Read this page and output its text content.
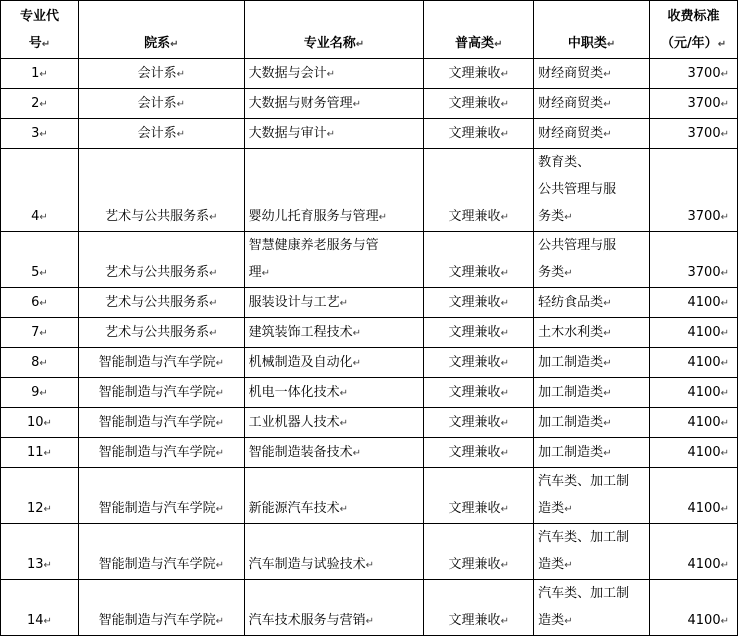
专业代
号↵	院系↵	专业名称↵	普高类↵	中职类↵	收费标准
（元/年）↵

1↵	会计系↵	大数据与会计↵	文理兼收↵	财经商贸类↵	3700↵
2↵	会计系↵	大数据与财务管理↵	文理兼收↵	财经商贸类↵	3700↵
3↵	会计系↵	大数据与审计↵	文理兼收↵	财经商贸类↵	3700↵
4↵	艺术与公共服务系↵	婴幼儿托育服务与管理↵	文理兼收↵	教育类、
公共管理与服
务类↵	3700↵
5↵	艺术与公共服务系↵	智慧健康养老服务与管
理↵	文理兼收↵	公共管理与服
务类↵	3700↵
6↵	艺术与公共服务系↵	服装设计与工艺↵	文理兼收↵	轻纺食品类↵	4100↵
7↵	艺术与公共服务系↵	建筑装饰工程技术↵	文理兼收↵	土木水利类↵	4100↵
8↵	智能制造与汽车学院↵	机械制造及自动化↵	文理兼收↵	加工制造类↵	4100↵
9↵	智能制造与汽车学院↵	机电一体化技术↵	文理兼收↵	加工制造类↵	4100↵
10↵	智能制造与汽车学院↵	工业机器人技术↵	文理兼收↵	加工制造类↵	4100↵
11↵	智能制造与汽车学院↵	智能制造装备技术↵	文理兼收↵	加工制造类↵	4100↵
12↵	智能制造与汽车学院↵	新能源汽车技术↵	文理兼收↵	汽车类、加工制
造类↵	4100↵
13↵	智能制造与汽车学院↵	汽车制造与试验技术↵	文理兼收↵	汽车类、加工制
造类↵	4100↵
14↵	智能制造与汽车学院↵	汽车技术服务与营销↵	文理兼收↵	汽车类、加工制
造类↵	4100↵
